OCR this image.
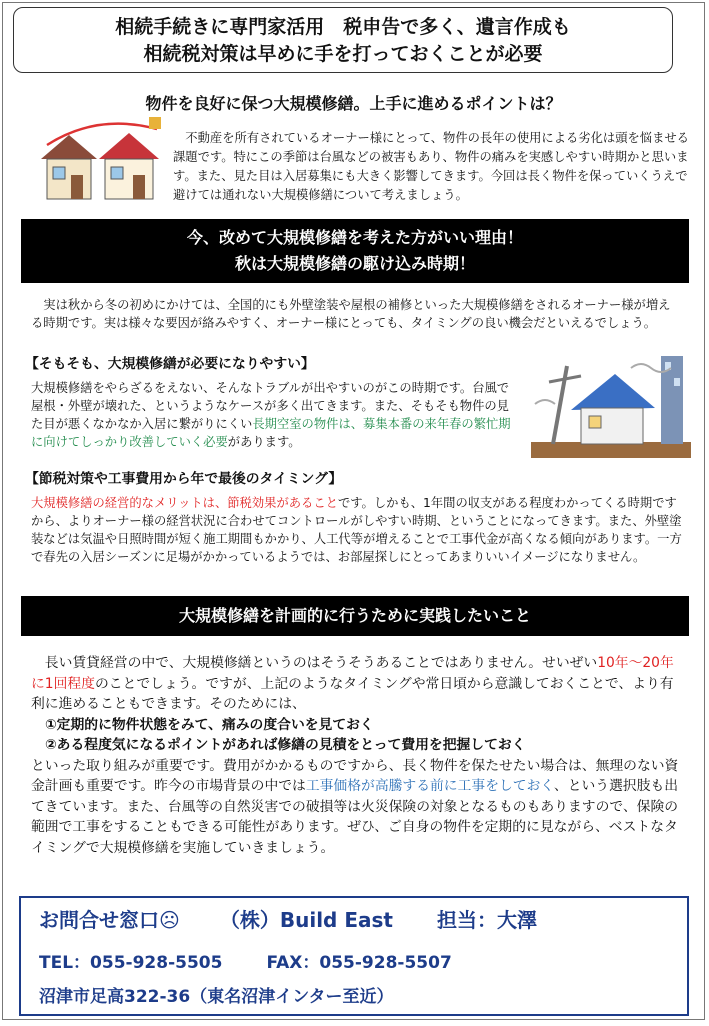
相続手続きに専門家活用　税申告で多く、遺言作成も
相続税対策は早めに手を打っておくことが必要
物件を良好に保つ大規模修繕。上手に進めるポイントは？
　不動産を所有されているオーナー様にとって、物件の長年の使用による劣化は頭を悩ませる課題です。特にこの季節は台風などの被害もあり、物件の痛みを実感しやすい時期かと思います。また、見た目は入居募集にも大きく影響してきます。今回は長く物件を保っていくうえで避けては通れない大規模修繕について考えましょう。
今、改めて大規模修繕を考えた方がいい理由！
秋は大規模修繕の駆け込み時期！
　実は秋から冬の初めにかけては、全国的にも外壁塗装や屋根の補修といった大規模修繕をされるオーナー様が増える時期です。実は様々な要因が絡みやすく、オーナー様にとっても、タイミングの良い機会だといえるでしょう。
【そもそも、大規模修繕が必要になりやすい】
大規模修繕をやらざるをえない、そんなトラブルが出やすいのがこの時期です。台風で屋根・外壁が壊れた、というようなケースが多く出てきます。また、そもそも物件の見た目が悪くなかなか入居に繋がりにくい長期空室の物件は、募集本番の来年春の繁忙期に向けてしっかり改善していく必要があります。
【節税対策や工事費用から年で最後のタイミング】
大規模修繕の経営的なメリットは、節税効果があることです。しかも、1年間の収支がある程度わかってくる時期ですから、よりオーナー様の経営状況に合わせてコントロールがしやすい時期、ということになってきます。また、外壁塗装などは気温や日照時間が短く施工期間もかかり、人工代等が増えることで工事代金が高くなる傾向があります。一方で春先の入居シーズンに足場がかかっているようでは、お部屋探しにとってあまりいいイメージになりません。
大規模修繕を計画的に行うために実践したいこと
　長い賃貸経営の中で、大規模修繕というのはそうそうあることではありません。せいぜい10年～20年に1回程度のことでしょう。ですが、上記のようなタイミングや常日頃から意識しておくことで、より有利に進めることもできます。そのためには、
①定期的に物件状態をみて、痛みの度合いを見ておく
②ある程度気になるポイントがあれば修繕の見積をとって費用を把握しておく
といった取り組みが重要です。費用がかかるものですから、長く物件を保たせたい場合は、無理のない資金計画も重要です。昨今の市場背景の中では工事価格が高騰する前に工事をしておく、という選択肢も出てきています。また、台風等の自然災害での破損等は火災保険の対象となるものもありますので、保険の範囲で工事をすることもできる可能性があります。ぜひ、ご自身の物件を定期的に見ながら、ベストなタイミングで大規模修繕を実施していきましょう。
お問合せ窓口☹ （株）Build East 担当：大澤
TEL：055-928-5505	FAX：055-928-5507
沼津市足高322-36（東名沼津インター至近）
